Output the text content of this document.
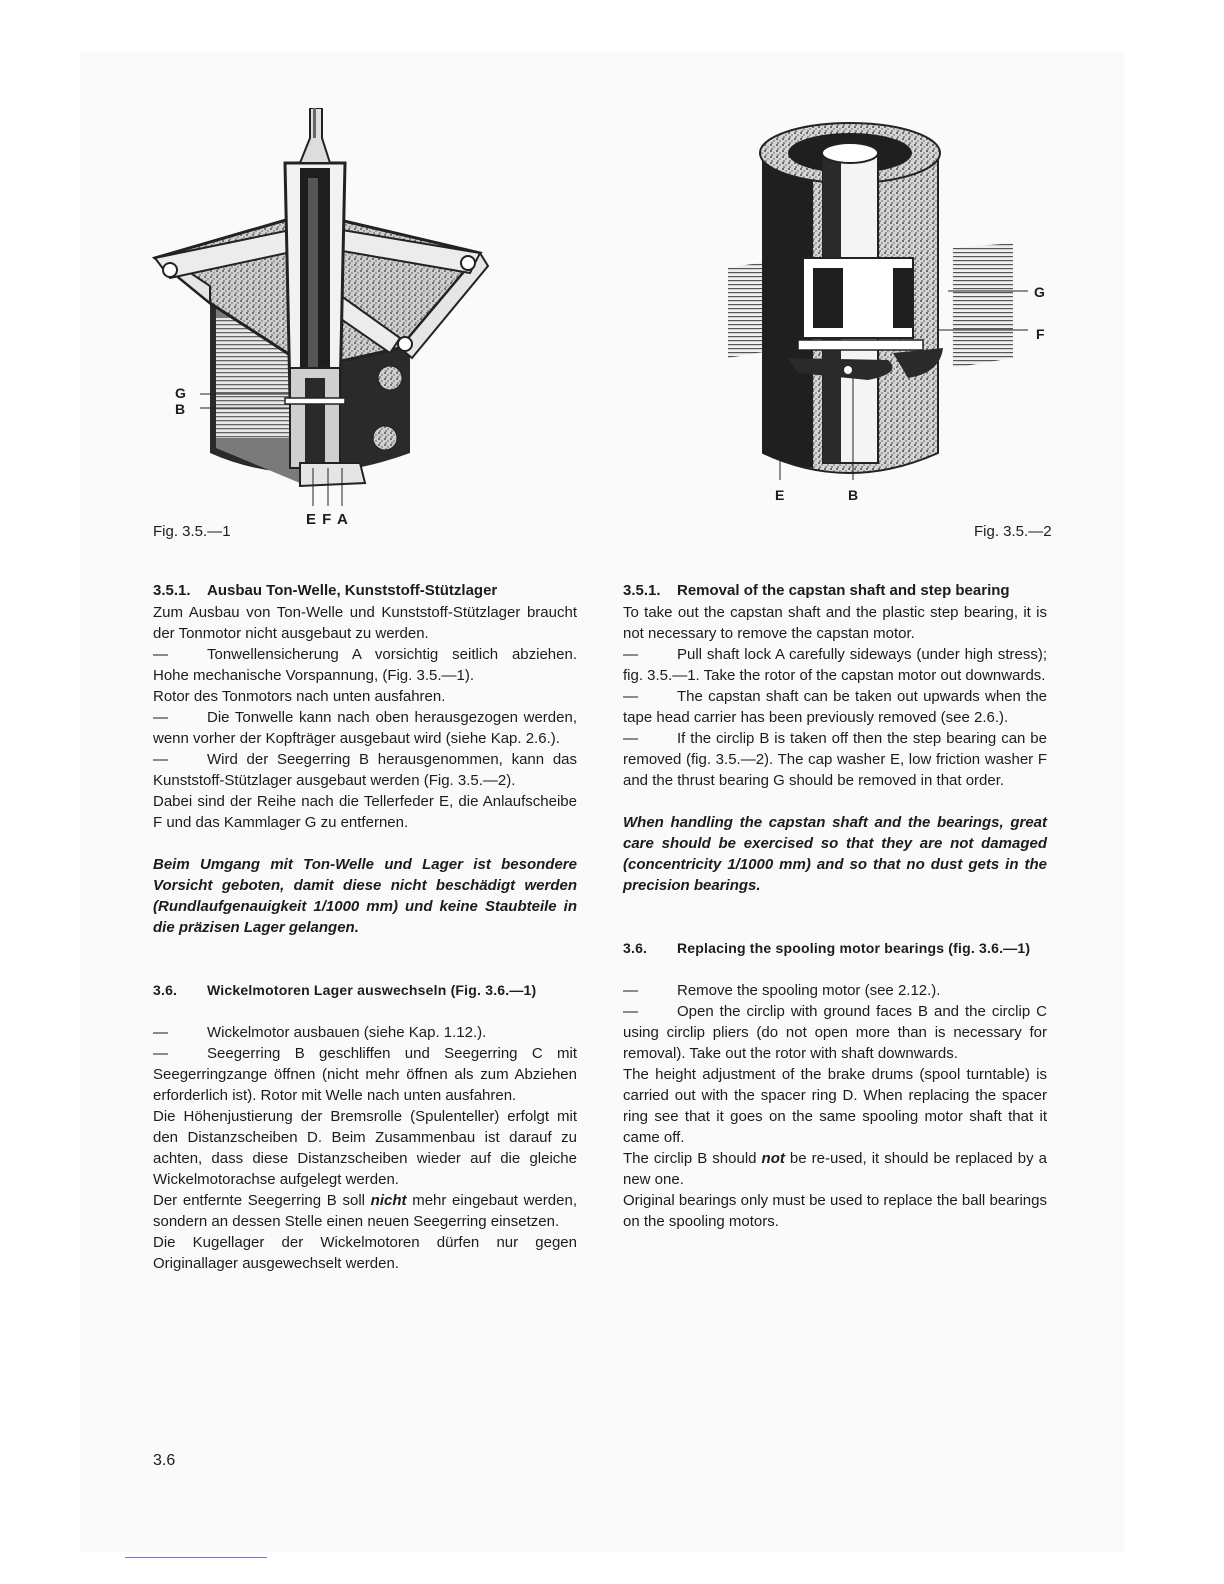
G
B
E F A
Fig. 3.5.—1
G
F
E	B
Fig. 3.5.—2
3.5.1. Ausbau Ton-Welle, Kunststoff-Stützlager

Zum Ausbau von Ton-Welle und Kunststoff-Stützlager braucht der Tonmotor nicht ausgebaut zu werden.

—	Tonwellensicherung A vorsichtig seitlich abziehen. Hohe mechanische Vorspannung, (Fig. 3.5.—1).

Rotor des Tonmotors nach unten ausfahren.

—	Die Tonwelle kann nach oben herausgezogen werden, wenn vorher der Kopfträger ausgebaut wird (siehe Kap. 2.6.).

—	Wird der Seegerring B herausgenommen, kann das Kunststoff-Stützlager ausgebaut werden (Fig. 3.5.—2).

Dabei sind der Reihe nach die Tellerfeder E, die Anlaufscheibe F und das Kammlager G zu entfernen.

Beim Umgang mit Ton-Welle und Lager ist besondere Vorsicht geboten, damit diese nicht beschädigt werden (Rundlaufgenauigkeit 1/1000 mm) und keine Staubteile in die präzisen Lager gelangen.

3.6. Wickelmotoren Lager auswechseln (Fig. 3.6.—1)

—	Wickelmotor ausbauen (siehe Kap. 1.12.).

—	Seegerring B geschliffen und Seegerring C mit Seegerringzange öffnen (nicht mehr öffnen als zum Abziehen erforderlich ist). Rotor mit Welle nach unten ausfahren.

Die Höhenjustierung der Bremsrolle (Spulenteller) erfolgt mit den Distanzscheiben D. Beim Zusammenbau ist darauf zu achten, dass diese Distanzscheiben wieder auf die gleiche Wickelmotorachse aufgelegt werden.

Der entfernte Seegerring B soll nicht mehr eingebaut werden, sondern an dessen Stelle einen neuen Seegerring einsetzen.

Die Kugellager der Wickelmotoren dürfen nur gegen Originallager ausgewechselt werden.

3.5.1. Removal of the capstan shaft and step bearing

To take out the capstan shaft and the plastic step bearing, it is not necessary to remove the capstan motor.

—	Pull shaft lock A carefully sideways (under high stress); fig. 3.5.—1. Take the rotor of the capstan motor out downwards.

—	The capstan shaft can be taken out upwards when the tape head carrier has been previously removed (see 2.6.).

—	If the circlip B is taken off then the step bearing can be removed (fig. 3.5.—2). The cap washer E, low friction washer F and the thrust bearing G should be removed in that order.

When handling the capstan shaft and the bearings, great care should be exercised so that they are not damaged (concentricity 1/1000 mm) and so that no dust gets in the precision bearings.

3.6. Replacing the spooling motor bearings (fig. 3.6.—1)

—	Remove the spooling motor (see 2.12.).

—	Open the circlip with ground faces B and the circlip C using circlip pliers (do not open more than is necessary for removal). Take out the rotor with shaft downwards.

The height adjustment of the brake drums (spool turntable) is carried out with the spacer ring D. When replacing the spacer ring see that it goes on the same spooling motor shaft that it came off.

The circlip B should not be re-used, it should be replaced by a new one.

Original bearings only must be used to replace the ball bearings on the spooling motors.

3.6
